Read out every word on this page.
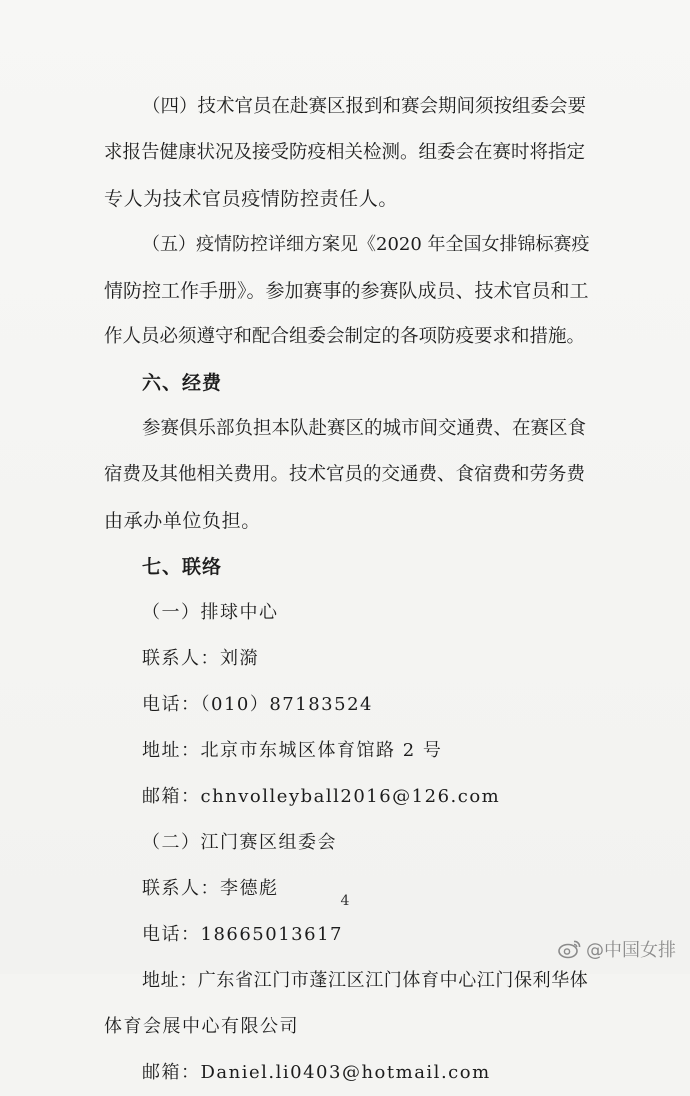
（四）技术官员在赴赛区报到和赛会期间须按组委会要
求报告健康状况及接受防疫相关检测。组委会在赛时将指定
专人为技术官员疫情防控责任人。
（五）疫情防控详细方案见《2020 年全国女排锦标赛疫
情防控工作手册》。参加赛事的参赛队成员、技术官员和工
作人员必须遵守和配合组委会制定的各项防疫要求和措施。
六、经费
参赛俱乐部负担本队赴赛区的城市间交通费、在赛区食
宿费及其他相关费用。技术官员的交通费、食宿费和劳务费
由承办单位负担。
七、联络
（一）排球中心
联系人：刘漪
电话：（010）87183524
地址：北京市东城区体育馆路 2 号
邮箱：chnvolleyball2016@126.com
（二）江门赛区组委会
联系人：李德彪
电话：18665013617
地址：广东省江门市蓬江区江门体育中心江门保利华体
体育会展中心有限公司
邮箱：Daniel.li0403@hotmail.com
4
@中国女排
